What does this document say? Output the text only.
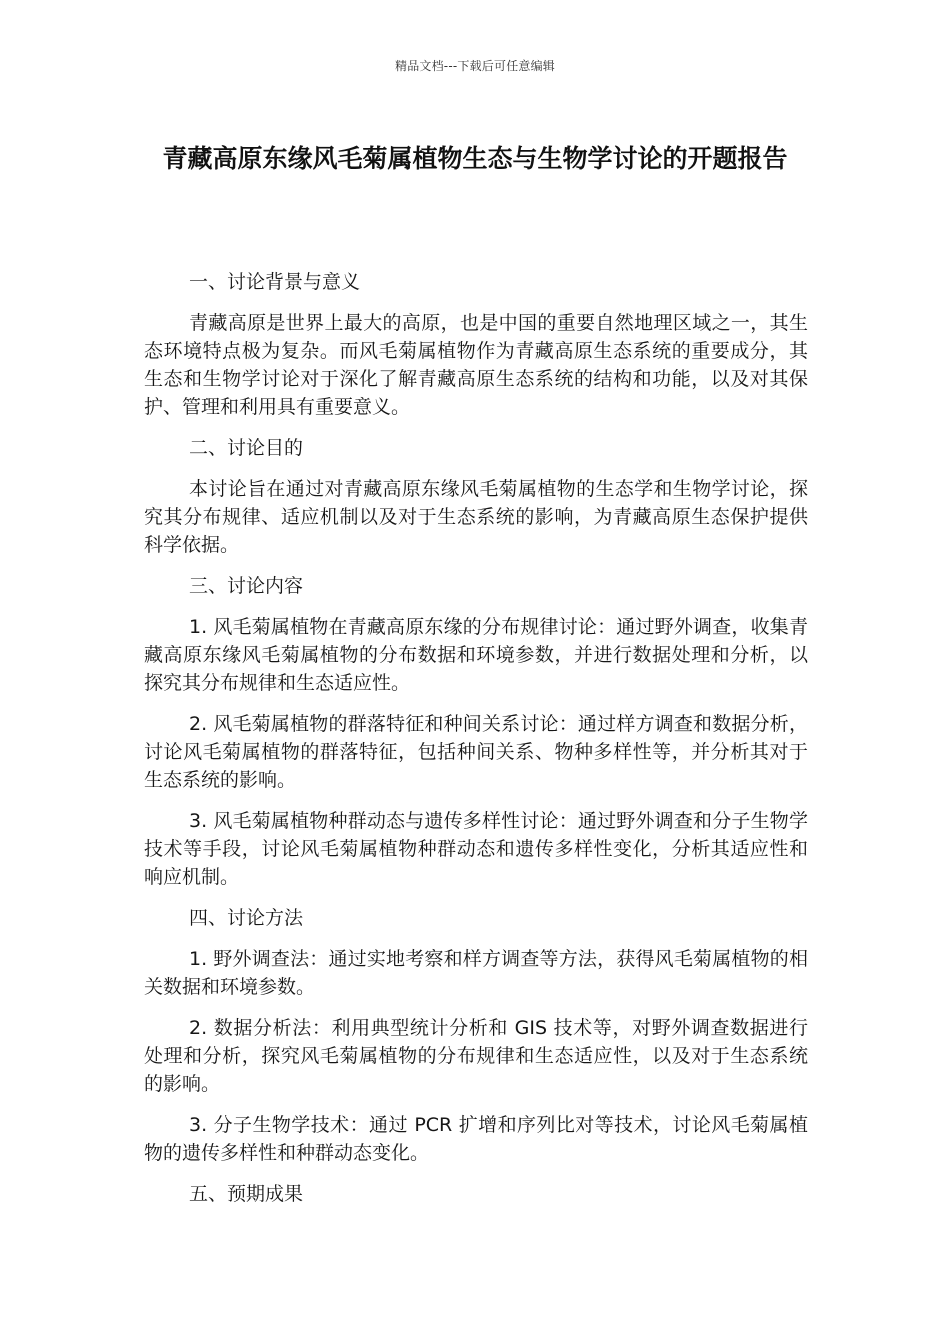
精品文档---下载后可任意编辑
青藏高原东缘风毛菊属植物生态与生物学讨论的开题报告

一、讨论背景与意义

青藏高原是世界上最大的高原，也是中国的重要自然地理区域之一，其生态环境特点极为复杂。而风毛菊属植物作为青藏高原生态系统的重要成分，其生态和生物学讨论对于深化了解青藏高原生态系统的结构和功能，以及对其保护、管理和利用具有重要意义。

二、讨论目的

本讨论旨在通过对青藏高原东缘风毛菊属植物的生态学和生物学讨论，探究其分布规律、适应机制以及对于生态系统的影响，为青藏高原生态保护提供科学依据。

三、讨论内容

1. 风毛菊属植物在青藏高原东缘的分布规律讨论：通过野外调查，收集青藏高原东缘风毛菊属植物的分布数据和环境参数，并进行数据处理和分析，以探究其分布规律和生态适应性。

2. 风毛菊属植物的群落特征和种间关系讨论：通过样方调查和数据分析，讨论风毛菊属植物的群落特征，包括种间关系、物种多样性等，并分析其对于生态系统的影响。

3. 风毛菊属植物种群动态与遗传多样性讨论：通过野外调查和分子生物学技术等手段，讨论风毛菊属植物种群动态和遗传多样性变化，分析其适应性和响应机制。

四、讨论方法

1. 野外调查法：通过实地考察和样方调查等方法，获得风毛菊属植物的相关数据和环境参数。

2. 数据分析法：利用典型统计分析和 GIS 技术等，对野外调查数据进行处理和分析，探究风毛菊属植物的分布规律和生态适应性，以及对于生态系统的影响。

3. 分子生物学技术：通过 PCR 扩增和序列比对等技术，讨论风毛菊属植物的遗传多样性和种群动态变化。

五、预期成果
